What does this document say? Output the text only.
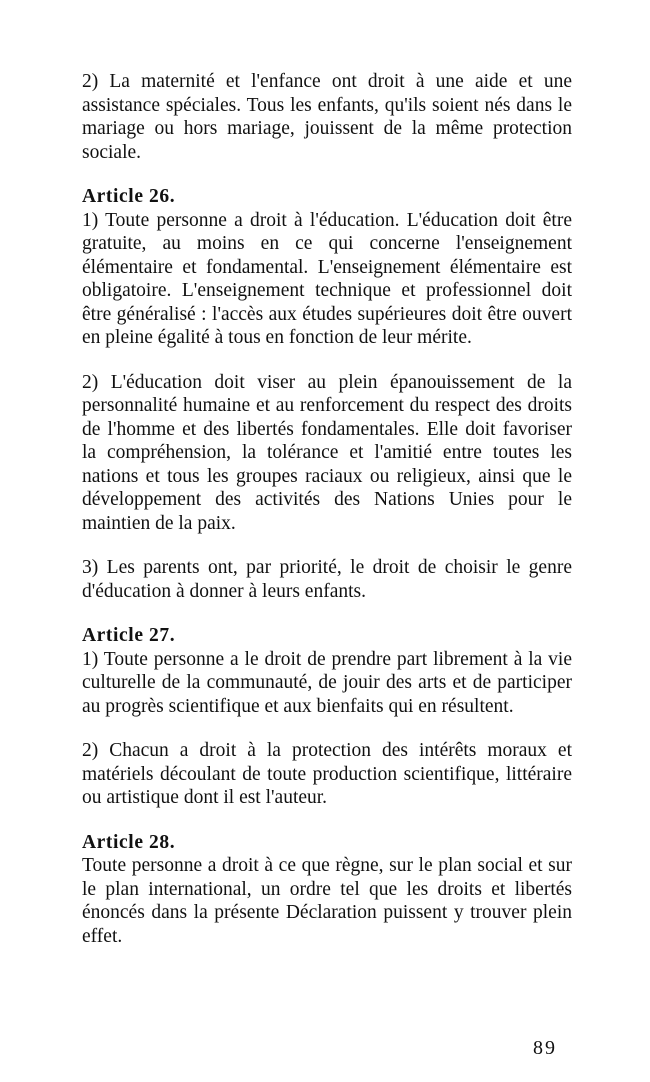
2) La maternité et l'enfance ont droit à une aide et une assistance spéciales. Tous les enfants, qu'ils soient nés dans le mariage ou hors mariage, jouissent de la même protection sociale.

Article 26.

1) Toute personne a droit à l'éducation. L'éducation doit être gratuite, au moins en ce qui concerne l'enseignement élémentaire et fondamental. L'enseignement élémentaire est obligatoire. L'enseignement technique et professionnel doit être généralisé : l'accès aux études supérieures doit être ouvert en pleine égalité à tous en fonction de leur mérite.

2) L'éducation doit viser au plein épanouissement de la personnalité humaine et au renforcement du respect des droits de l'homme et des libertés fondamentales. Elle doit favoriser la compréhension, la tolérance et l'amitié entre toutes les nations et tous les groupes raciaux ou religieux, ainsi que le développement des activités des Nations Unies pour le maintien de la paix.

3) Les parents ont, par priorité, le droit de choisir le genre d'éducation à donner à leurs enfants.

Article 27.

1) Toute personne a le droit de prendre part librement à la vie culturelle de la communauté, de jouir des arts et de participer au progrès scientifique et aux bienfaits qui en résultent.

2) Chacun a droit à la protection des intérêts moraux et matériels découlant de toute production scientifique, littéraire ou artistique dont il est l'auteur.

Article 28.

Toute personne a droit à ce que règne, sur le plan social et sur le plan international, un ordre tel que les droits et libertés énoncés dans la présente Déclaration puissent y trouver plein effet.

89
